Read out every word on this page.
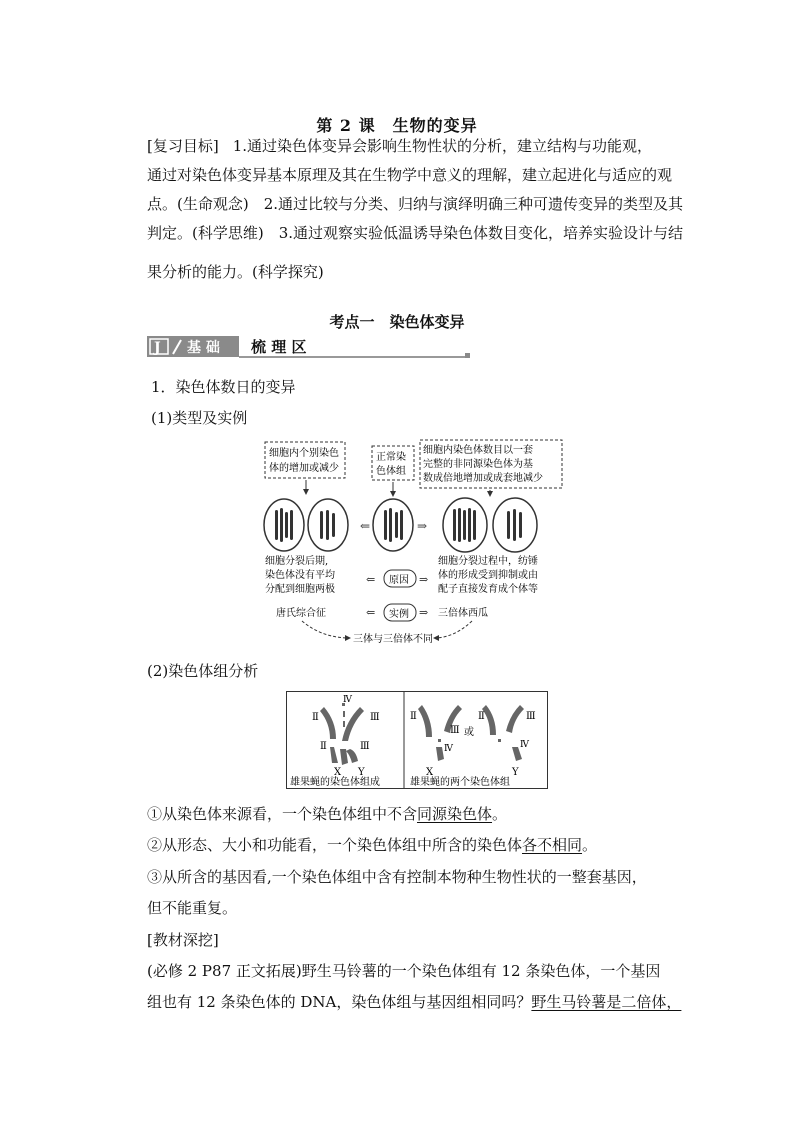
第 2 课　生物的变异
[复习目标] 1.通过染色体变异会影响生物性状的分析，建立结构与功能观，
通过对染色体变异基本原理及其在生物学中意义的理解，建立起进化与适应的观
点。(生命观念)　2.通过比较与分类、归纳与演绎明确三种可遗传变异的类型及其
判定。(科学思维)　3.通过观察实验低温诱导染色体数目变化，培养实验设计与结
果分析的能力。(科学探究)
考点一　染色体变异
J 基 础 梳 理 区
1．染色体数日的变异
(1)类型及实例
细胞内个别染色
体的增加或减少
正常染
色体组
细胞内染色体数目以一套
完整的非同源染色体为基
数成倍地增加或成套地减少
⇐	⇒
细胞分裂后期,
染色体没有平均
分配到细胞两极
⇐ 原因 ⇒
细胞分裂过程中，纺锤
体的形成受到抑制或由
配子直接发育成个体等
唐氏综合征	⇐ 实例 ⇒ 三倍体西瓜
三体与三倍体不同
(2)染色体组分析
Ⅱ
Ⅳ
Ⅲ
Ⅱ	Ⅲ
X Y
雄果蝇的染色体组成
Ⅱ
Ⅲ
Ⅳ
X
或
Ⅱ	Ⅲ
Ⅳ
Y
雄果蝇的两个染色体组
①从染色体来源看，一个染色体组中不含同源染色体。
②从形态、大小和功能看，一个染色体组中所含的染色体各不相同。
③从所含的基因看,一个染色体组中含有控制本物种生物性状的一整套基因，
但不能重复。
[教材深挖]
(必修 2 P87 正文拓展)野生马铃薯的一个染色体组有 12 条染色体，一个基因
组也有 12 条染色体的 DNA，染色体组与基因组相同吗？野生马铃薯是二倍体，
